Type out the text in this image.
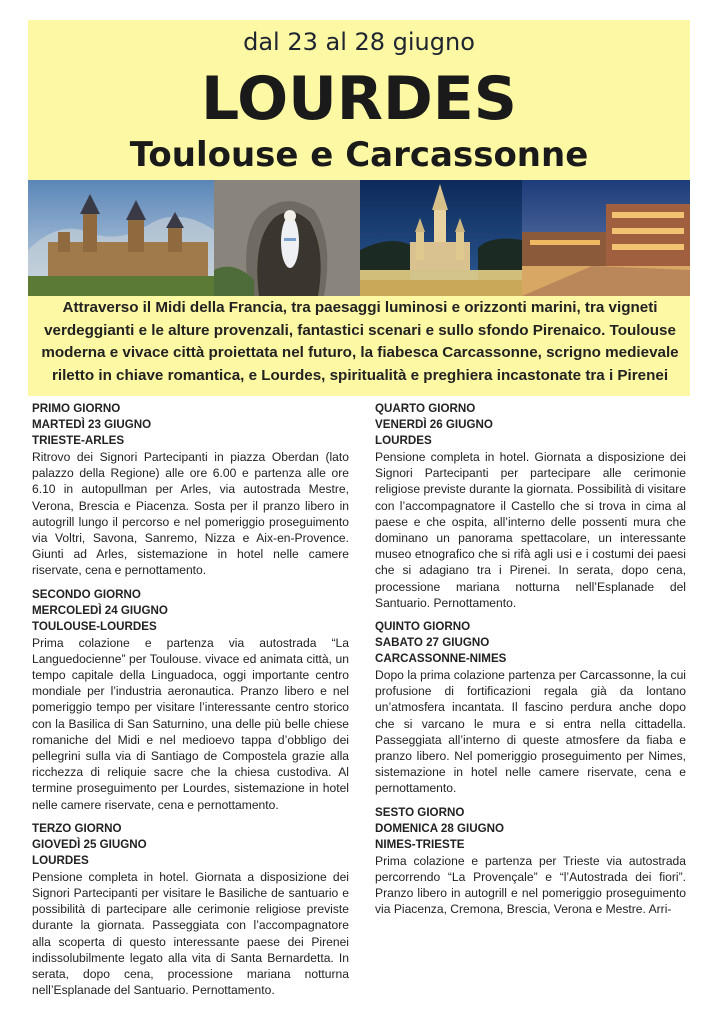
dal 23 al 28 giugno
LOURDES
Toulouse e Carcassonne
Attraverso il Midi della Francia, tra paesaggi luminosi e orizzonti marini, tra vigneti verdeggianti e le alture provenzali, fantastici scenari e sullo sfondo Pirenaico. Toulouse moderna e vivace città proiettata nel futuro, la fiabesca Carcassonne, scrigno medievale riletto in chiave romantica, e Lourdes, spiritualità e preghiera incastonate tra i Pirenei
PRIMO GIORNO
MARTEDÌ 23 GIUGNO
TRIESTE-ARLES
Ritrovo dei Signori Partecipanti in piazza Oberdan (lato palazzo della Regione) alle ore 6.00 e partenza alle ore 6.10 in autopullman per Arles, via autostrada Mestre, Verona, Brescia e Piacenza. Sosta per il pranzo libero in autogrill lungo il percorso e nel pomeriggio proseguimento via Voltri, Savona, Sanremo, Nizza e Aix-en-Provence. Giunti ad Arles, sistemazione in hotel nelle camere riservate, cena e pernottamento.
SECONDO GIORNO
MERCOLEDÌ 24 GIUGNO
TOULOUSE-LOURDES
Prima colazione e partenza via autostrada “La Languedocienne” per Toulouse. vivace ed animata città, un tempo capitale della Linguadoca, oggi importante centro mondiale per l’industria aeronautica. Pranzo libero e nel pomeriggio tempo per visitare l’interessante centro storico con la Basilica di San Saturnino, una delle più belle chiese romaniche del Midi e nel medioevo tappa d’obbligo dei pellegrini sulla via di Santiago de Compostela grazie alla ricchezza di reliquie sacre che la chiesa custodiva. Al termine proseguimento per Lourdes, sistemazione in hotel nelle camere riservate, cena e pernottamento.
TERZO GIORNO
GIOVEDÌ 25 GIUGNO
LOURDES
Pensione completa in hotel. Giornata a disposizione dei Signori Partecipanti per visitare le Basiliche de santuario e possibilità di partecipare alle cerimonie religiose previste durante la giornata. Passeggiata con l’accompagnatore alla scoperta di questo interessante paese dei Pirenei indissolubilmente legato alla vita di Santa Bernardetta. In serata, dopo cena, processione mariana notturna nell’Esplanade del Santuario. Pernottamento.
QUARTO GIORNO
VENERDÌ 26 GIUGNO
LOURDES
Pensione completa in hotel. Giornata a disposizione dei Signori Partecipanti per partecipare alle cerimonie religiose previste durante la giornata. Possibilità di visitare con l’accompagnatore il Castello che si trova in cima al paese e che ospita, all’interno delle possenti mura che dominano un panorama spettacolare, un interessante museo etnografico che si rifà agli usi e i costumi dei paesi che si adagiano tra i Pirenei. In serata, dopo cena, processione mariana notturna nell’Esplanade del Santuario. Pernottamento.
QUINTO GIORNO
SABATO 27 GIUGNO
CARCASSONNE-NIMES
Dopo la prima colazione partenza per Carcassonne, la cui profusione di fortificazioni regala già da lontano un’atmosfera incantata. Il fascino perdura anche dopo che si varcano le mura e si entra nella cittadella. Passeggiata all’interno di queste atmosfere da fiaba e pranzo libero. Nel pomeriggio proseguimento per Nimes, sistemazione in hotel nelle camere riservate, cena e pernottamento.
SESTO GIORNO
DOMENICA 28 GIUGNO
NIMES-TRIESTE
Prima colazione e partenza per Trieste via autostrada percorrendo “La Provençale” e “l’Autostrada dei fiori”. Pranzo libero in autogrill e nel pomeriggio proseguimento via Piacenza, Cremona, Brescia, Verona e Mestre. Arri-
